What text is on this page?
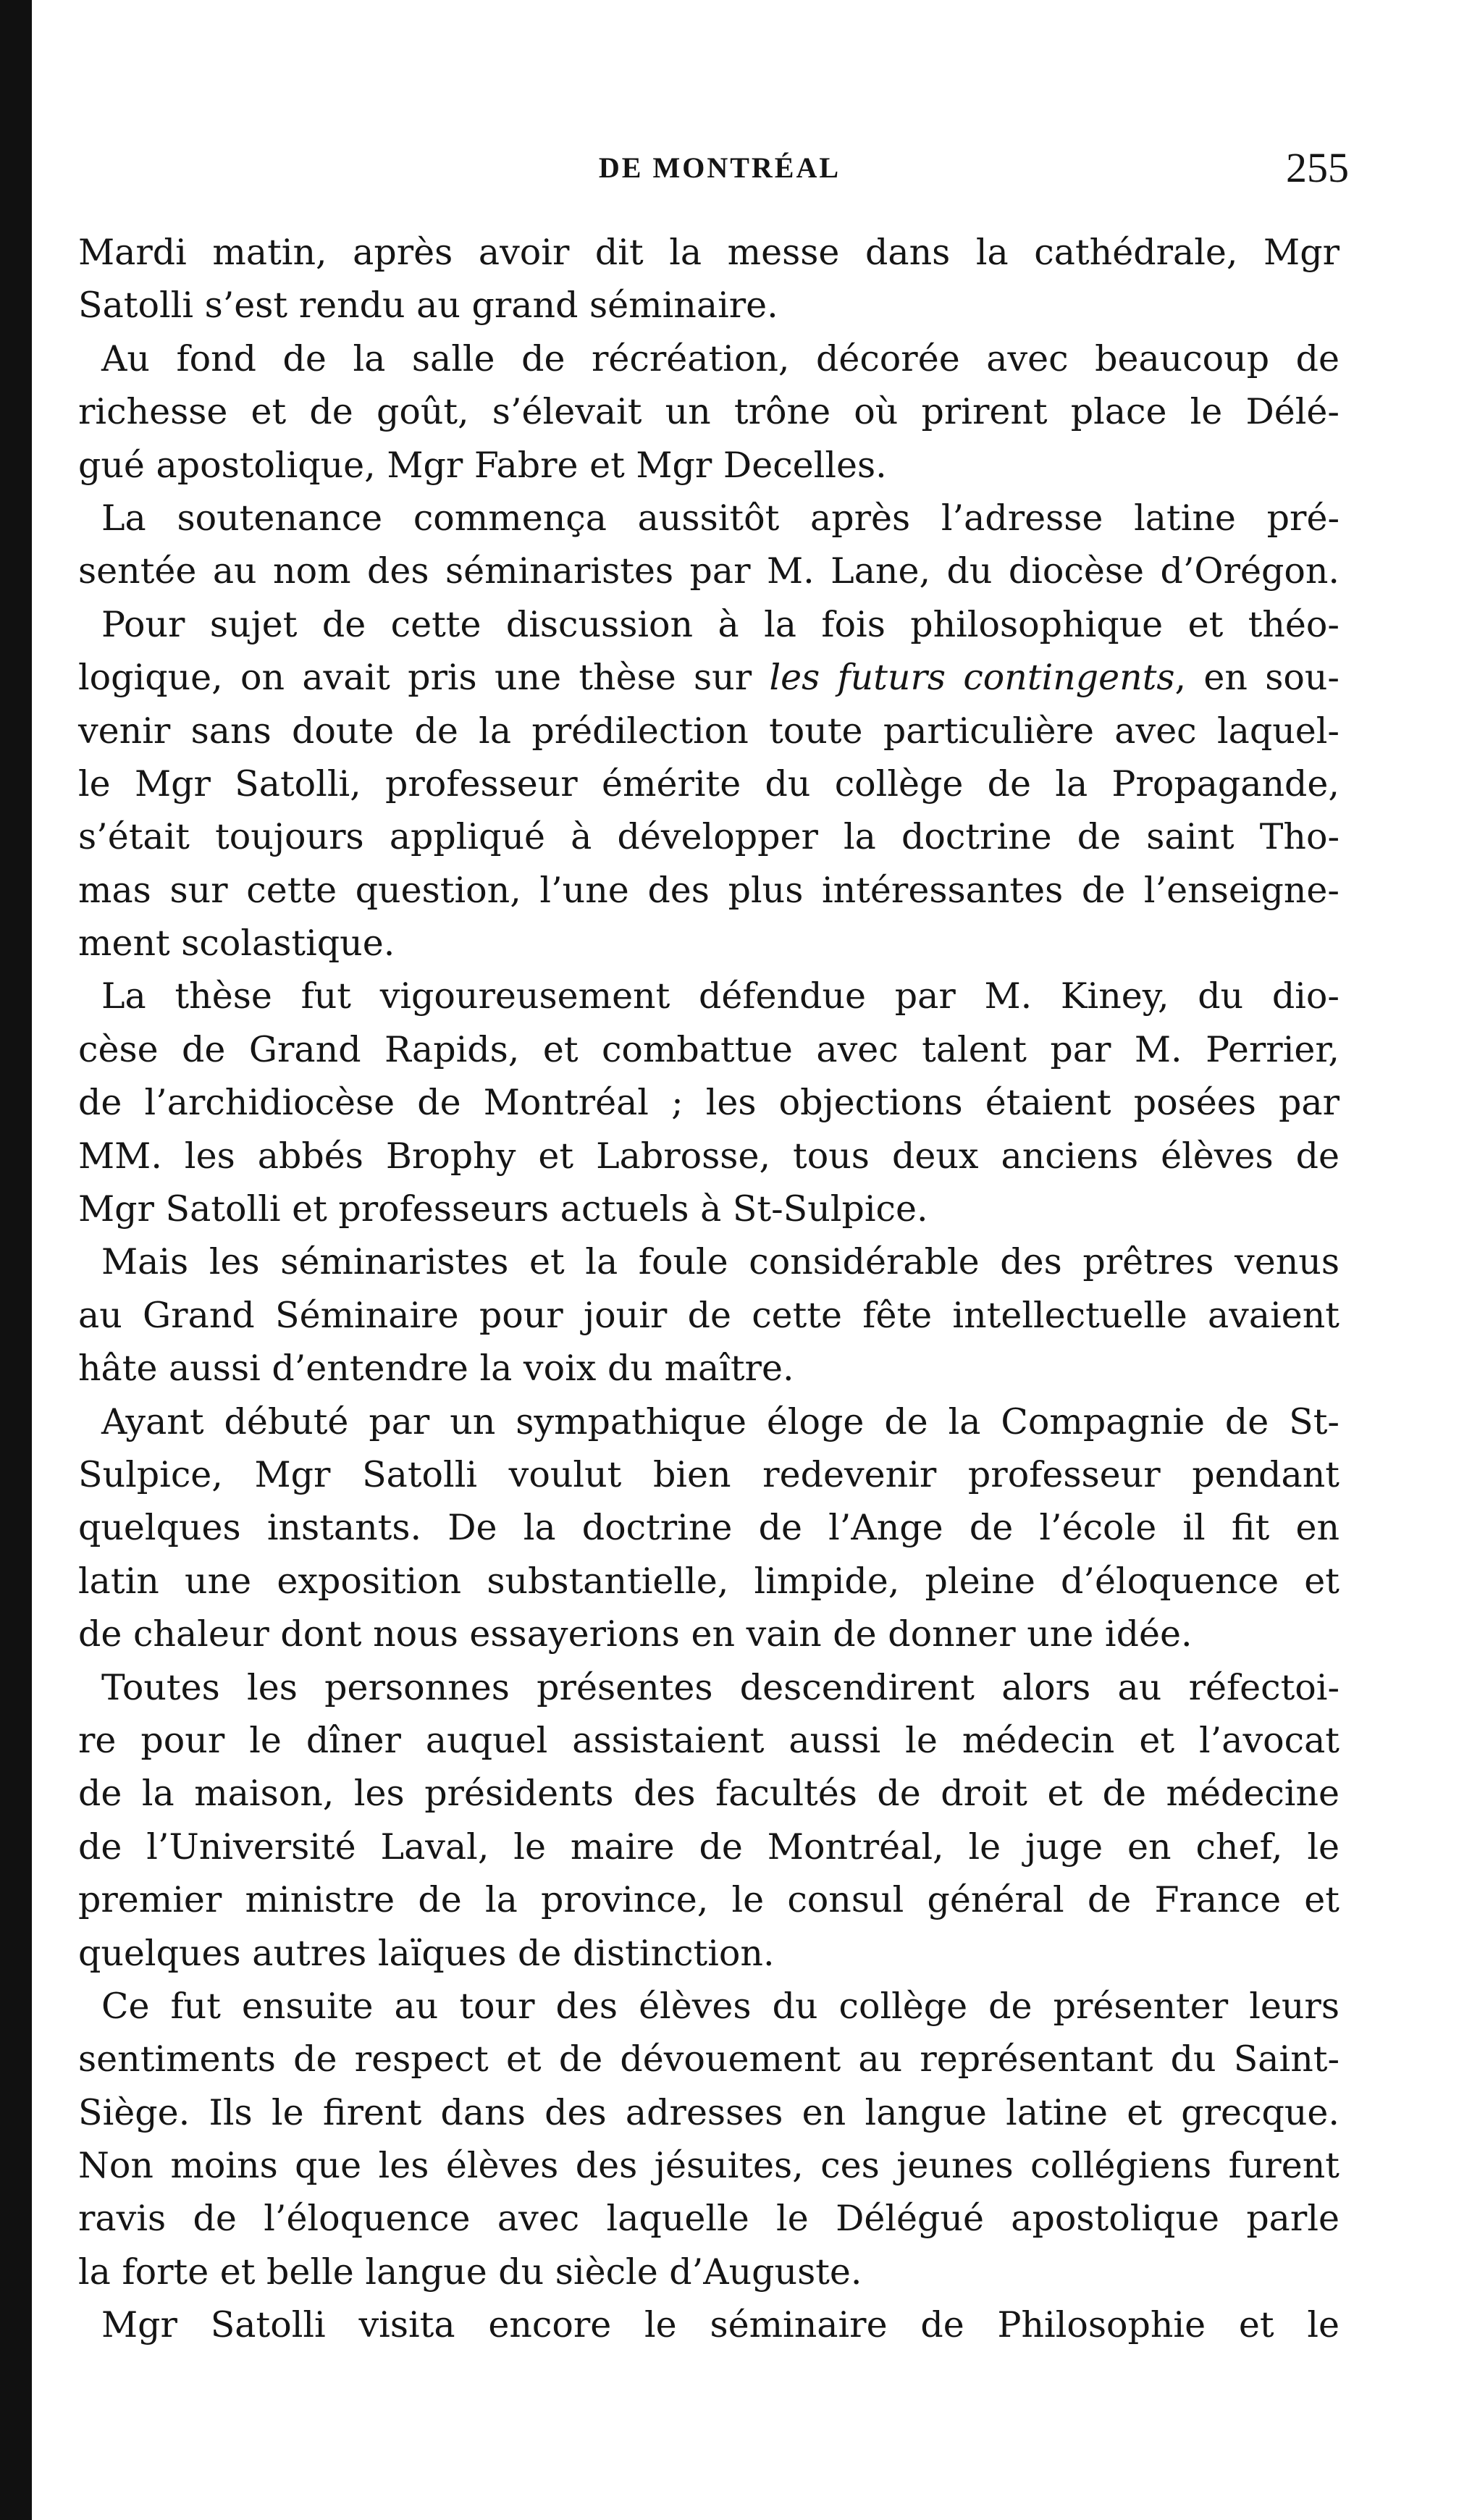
DE MONTRÉAL	255
Mardi matin, après avoir dit la messe dans la cathédrale, Mgr
Satolli s’est rendu au grand séminaire.
Au fond de la salle de récréation, décorée avec beaucoup de
richesse et de goût, s’élevait un trône où prirent place le Délé-
gué apostolique, Mgr Fabre et Mgr Decelles.
La soutenance commença aussitôt après l’adresse latine pré-
sentée au nom des séminaristes par M. Lane, du diocèse d’Orégon.
Pour sujet de cette discussion à la fois philosophique et théo-
logique, on avait pris une thèse sur les futurs contingents, en sou-
venir sans doute de la prédilection toute particulière avec laquel-
le Mgr Satolli, professeur émérite du collège de la Propagande,
s’était toujours appliqué à développer la doctrine de saint Tho-
mas sur cette question, l’une des plus intéressantes de l’enseigne-
ment scolastique.
La thèse fut vigoureusement défendue par M. Kiney, du dio-
cèse de Grand Rapids, et combattue avec talent par M. Perrier,
de l’archidiocèse de Montréal ; les objections étaient posées par
MM. les abbés Brophy et Labrosse, tous deux anciens élèves de
Mgr Satolli et professeurs actuels à St-Sulpice.
Mais les séminaristes et la foule considérable des prêtres venus
au Grand Séminaire pour jouir de cette fête intellectuelle avaient
hâte aussi d’entendre la voix du maître.
Ayant débuté par un sympathique éloge de la Compagnie de St-
Sulpice, Mgr Satolli voulut bien redevenir professeur pendant
quelques instants. De la doctrine de l’Ange de l’école il fit en
latin une exposition substantielle, limpide, pleine d’éloquence et
de chaleur dont nous essayerions en vain de donner une idée.
Toutes les personnes présentes descendirent alors au réfectoi-
re pour le dîner auquel assistaient aussi le médecin et l’avocat
de la maison, les présidents des facultés de droit et de médecine
de l’Université Laval, le maire de Montréal, le juge en chef, le
premier ministre de la province, le consul général de France et
quelques autres laïques de distinction.
Ce fut ensuite au tour des élèves du collège de présenter leurs
sentiments de respect et de dévouement au représentant du Saint-
Siège. Ils le firent dans des adresses en langue latine et grecque.
Non moins que les élèves des jésuites, ces jeunes collégiens furent
ravis de l’éloquence avec laquelle le Délégué apostolique parle
la forte et belle langue du siècle d’Auguste.
Mgr Satolli visita encore le séminaire de Philosophie et le
